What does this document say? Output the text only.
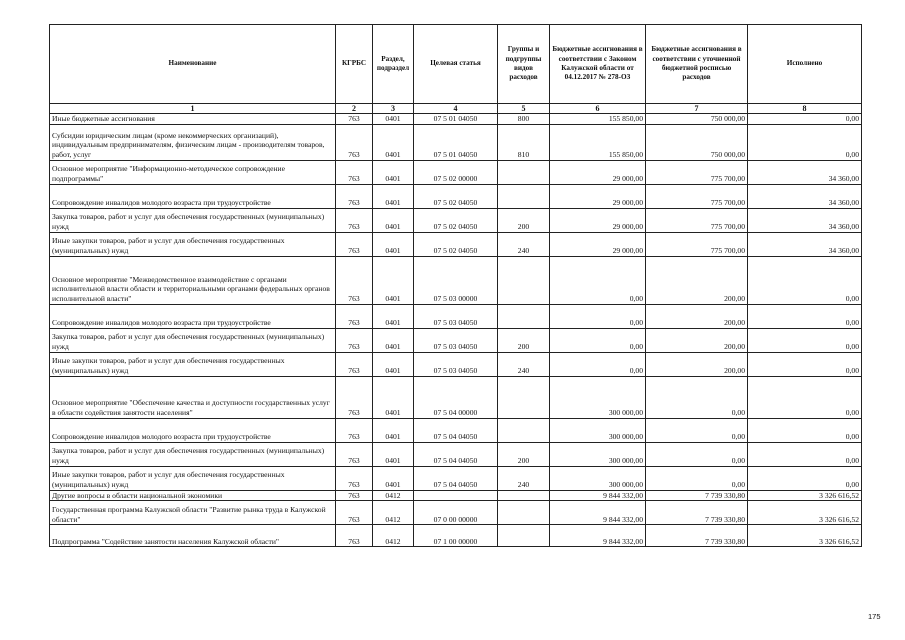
Наименование	КГРБС	Раздел, подраздел	Целевая статья	Группы и подгруппы видов расходов	Бюджетные ассигнования в соответствии с Законом Калужской области от 04.12.2017 № 278-ОЗ	Бюджетные ассигнования в соответствии с уточненной бюджетной росписью расходов	Исполнено
1	2	3	4	5	6	7	8
Иные бюджетные ассигнования	763	0401	07 5 01 04050	800	155 850,00	750 000,00	0,00
Субсидии юридическим лицам (кроме некоммерческих организаций), индивидуальным предпринимателям, физическим лицам - производителям товаров, работ, услуг	763	0401	07 5 01 04050	810	155 850,00	750 000,00	0,00
Основное мероприятие "Информационно-методическое сопровождение подпрограммы"	763	0401	07 5 02 00000		29 000,00	775 700,00	34 360,00
Сопровождение инвалидов молодого возраста при трудоустройстве	763	0401	07 5 02 04050		29 000,00	775 700,00	34 360,00
Закупка товаров, работ и услуг для обеспечения государственных (муниципальных) нужд	763	0401	07 5 02 04050	200	29 000,00	775 700,00	34 360,00
Иные закупки товаров, работ и услуг для обеспечения государственных (муниципальных) нужд	763	0401	07 5 02 04050	240	29 000,00	775 700,00	34 360,00
Основное мероприятие "Межведомственное взаимодействие с органами исполнительной власти области и территориальными органами федеральных органов исполнительной власти"	763	0401	07 5 03 00000		0,00	200,00	0,00
Сопровождение инвалидов молодого возраста при трудоустройстве	763	0401	07 5 03 04050		0,00	200,00	0,00
Закупка товаров, работ и услуг для обеспечения государственных (муниципальных) нужд	763	0401	07 5 03 04050	200	0,00	200,00	0,00
Иные закупки товаров, работ и услуг для обеспечения государственных (муниципальных) нужд	763	0401	07 5 03 04050	240	0,00	200,00	0,00
Основное мероприятие "Обеспечение качества и доступности государственных услуг в области содействия занятости населения"	763	0401	07 5 04 00000		300 000,00	0,00	0,00
Сопровождение инвалидов молодого возраста при трудоустройстве	763	0401	07 5 04 04050		300 000,00	0,00	0,00
Закупка товаров, работ и услуг для обеспечения государственных (муниципальных) нужд	763	0401	07 5 04 04050	200	300 000,00	0,00	0,00
Иные закупки товаров, работ и услуг для обеспечения государственных (муниципальных) нужд	763	0401	07 5 04 04050	240	300 000,00	0,00	0,00
Другие вопросы в области национальной экономики	763	0412			9 844 332,00	7 739 330,80	3 326 616,52
Государственная программа Калужской области "Развитие рынка труда в Калужской области"	763	0412	07 0 00 00000		9 844 332,00	7 739 330,80	3 326 616,52
Подпрограмма "Содействие занятости населения Калужской области"	763	0412	07 1 00 00000		9 844 332,00	7 739 330,80	3 326 616,52
175
